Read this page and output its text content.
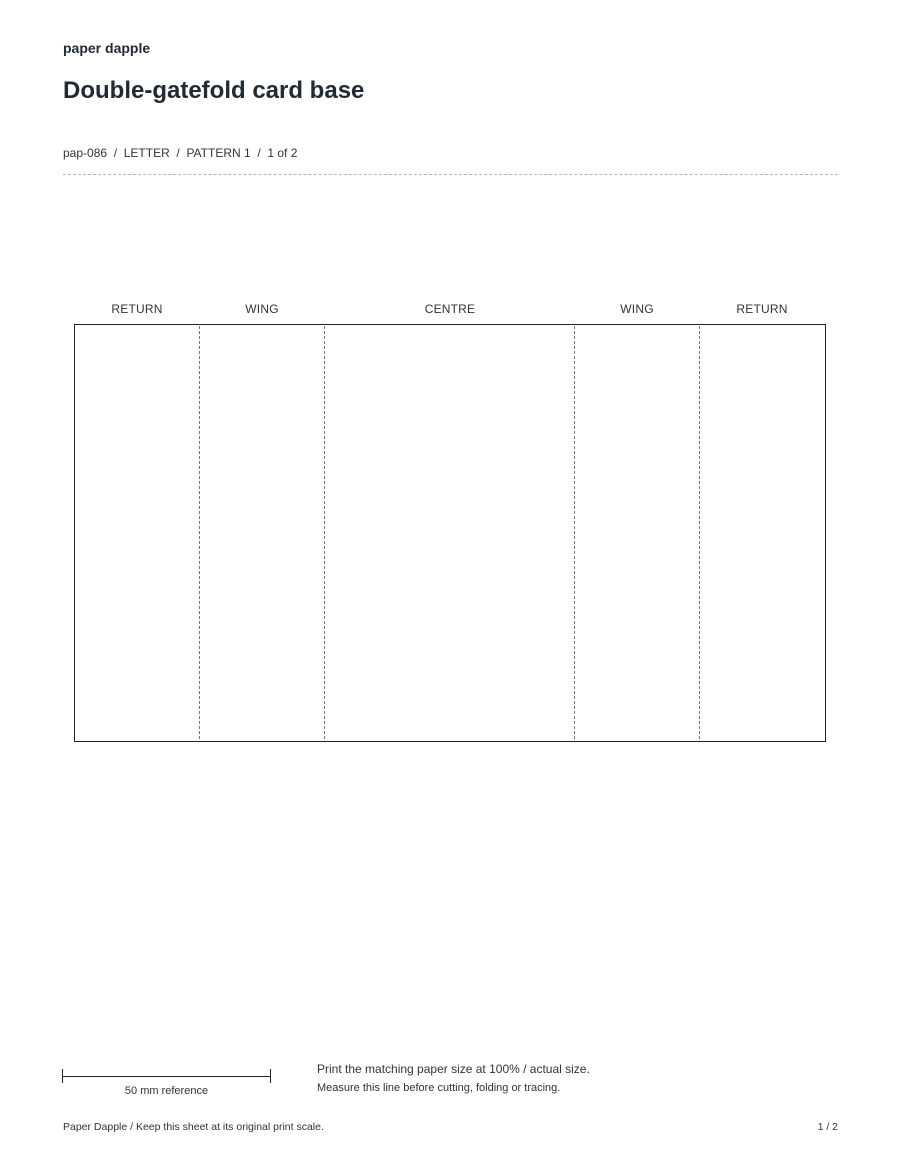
paper dapple
Double-gatefold card base
pap-086 / LETTER / PATTERN 1 / 1 of 2
RETURN	WING	CENTRE	WING	RETURN
50 mm reference
Print the matching paper size at 100% / actual size.
Measure this line before cutting, folding or tracing.
Paper Dapple / Keep this sheet at its original print scale.	1 / 2
